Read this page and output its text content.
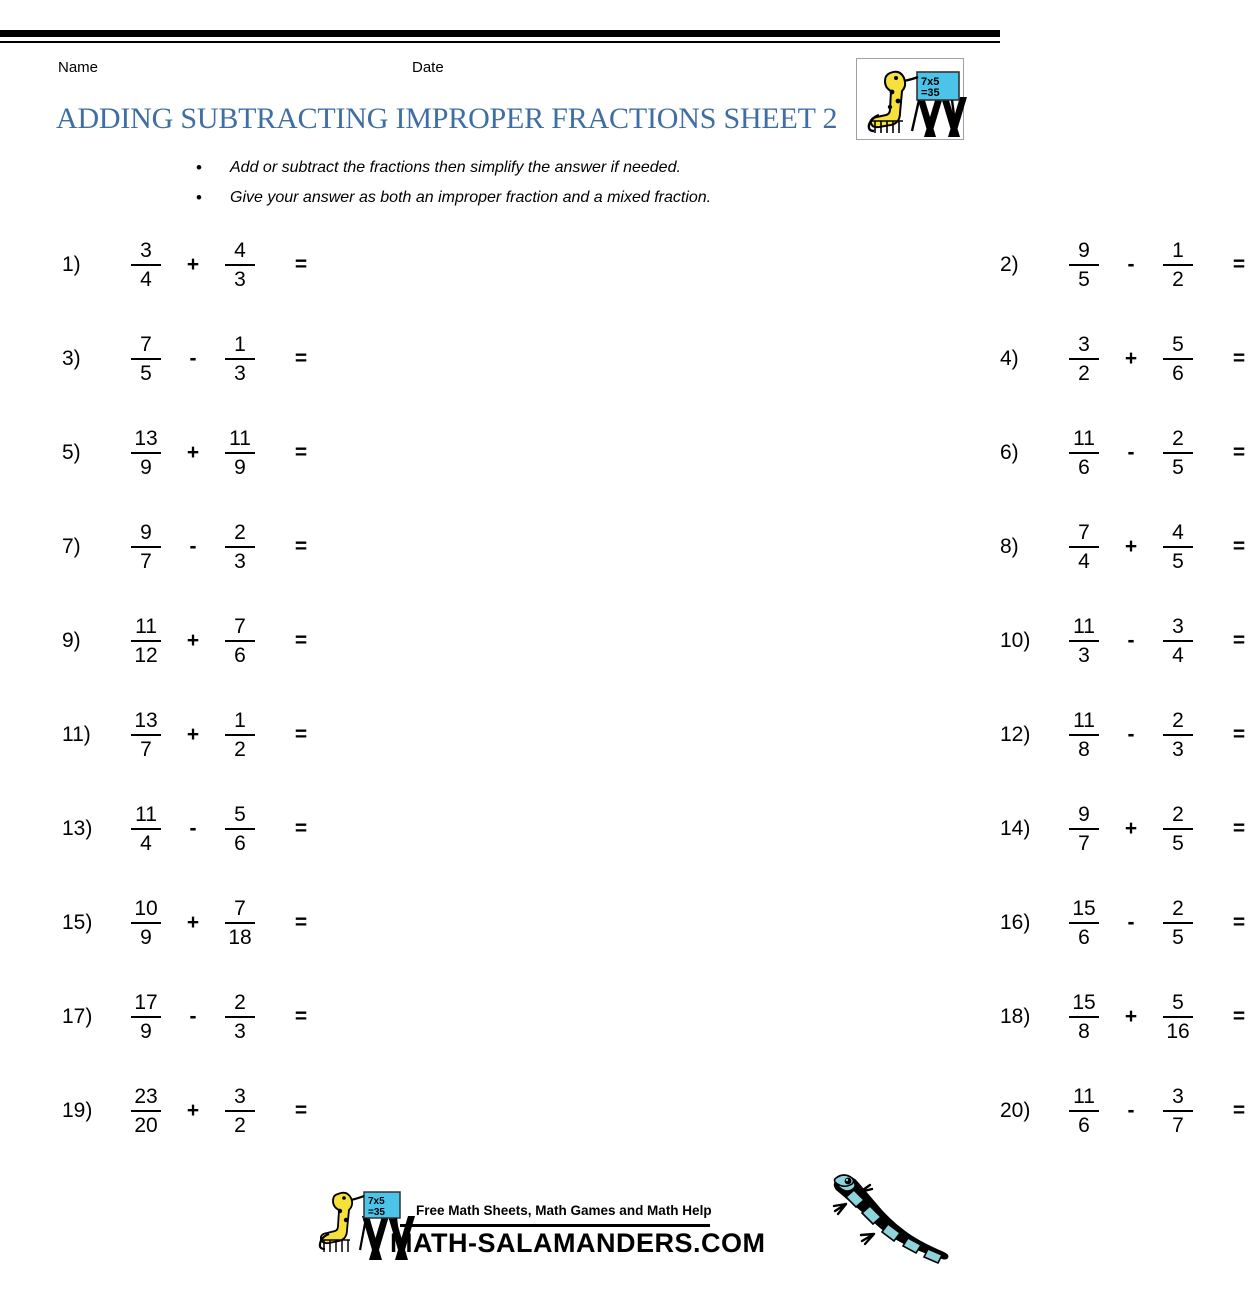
Name	Date
ADDING SUBTRACTING IMPROPER FRACTIONS SHEET 2
7x5
=35
•	Add or subtract the fractions then simplify the answer if needed.
•	Give your answer as both an improper fraction and a mixed fraction.
1)	$\frac{3}{4}$	+	$\frac{4}{3}$	=	2)	$\frac{9}{5}$	-	$\frac{1}{2}$	=
3)	$\frac{7}{5}$	-	$\frac{1}{3}$	=	4)	$\frac{3}{2}$	+	$\frac{5}{6}$	=
5)	$\frac{13}{9}$	+	$\frac{11}{9}$	=	6)	$\frac{11}{6}$	-	$\frac{2}{5}$	=
7)	$\frac{9}{7}$	-	$\frac{2}{3}$	=	8)	$\frac{7}{4}$	+	$\frac{4}{5}$	=
9)	$\frac{11}{12}$	+	$\frac{7}{6}$	=	10)	$\frac{11}{3}$	-	$\frac{3}{4}$	=
11)	$\frac{13}{7}$	+	$\frac{1}{2}$	=	12)	$\frac{11}{8}$	-	$\frac{2}{3}$	=
13)	$\frac{11}{4}$	-	$\frac{5}{6}$	=	14)	$\frac{9}{7}$	+	$\frac{2}{5}$	=
15)	$\frac{10}{9}$	+	$\frac{7}{18}$	=	16)	$\frac{15}{6}$	-	$\frac{2}{5}$	=
17)	$\frac{17}{9}$	-	$\frac{2}{3}$	=	18)	$\frac{15}{8}$	+	$\frac{5}{16}$	=
19)	$\frac{23}{20}$	+	$\frac{3}{2}$	=	20)	$\frac{11}{6}$	-	$\frac{3}{7}$	=
7x5
=35 Free Math Sheets, Math Games and Math Help
MATH-SALAMANDERS.COM
